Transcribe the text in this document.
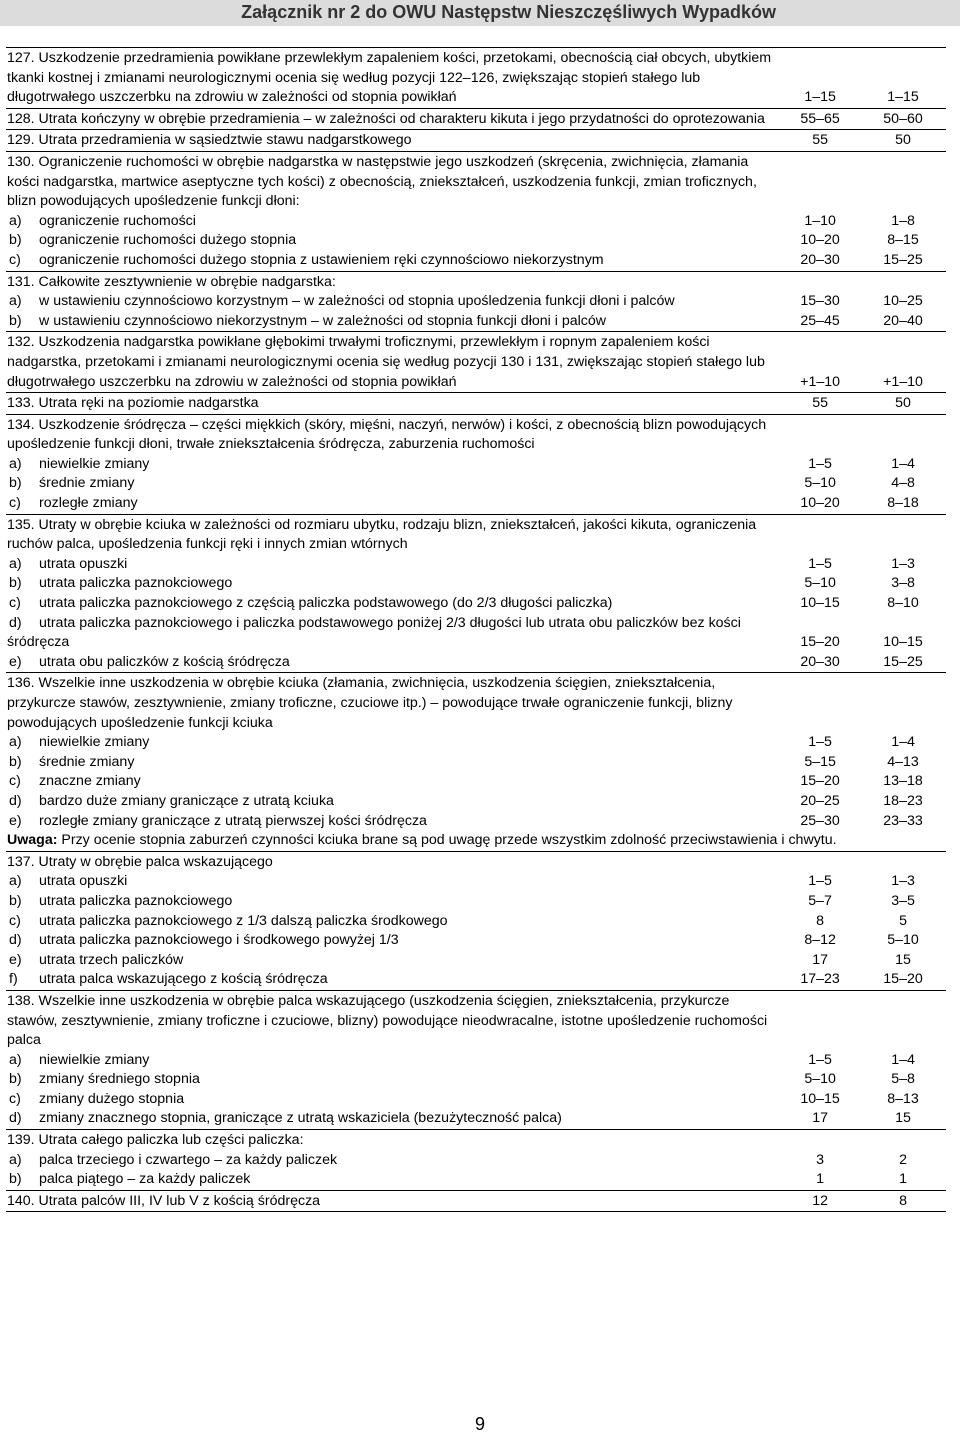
Załącznik nr 2 do OWU Następstw Nieszczęśliwych Wypadków
127. Uszkodzenie przedramienia powikłane przewlekłym zapaleniem kości, przetokami, obecnością ciał obcych, ubytkiem tkanki kostnej i zmianami neurologicznymi ocenia się według pozycji 122–126, zwiększając stopień stałego lub długotrwałego uszczerbku na zdrowiu w zależności od stopnia powikłań	1–15	1–15
128. Utrata kończyny w obrębie przedramienia – w zależności od charakteru kikuta i jego przydatności do oprotezowania	55–65	50–60
129. Utrata przedramienia w sąsiedztwie stawu nadgarstkowego	55	50
130. Ograniczenie ruchomości w obrębie nadgarstka w następstwie jego uszkodzeń (skręcenia, zwichnięcia, złamania kości nadgarstka, martwice aseptyczne tych kości) z obecnością, zniekształceń, uszkodzenia funkcji, zmian troficznych, blizn powodujących upośledzenie funkcji dłoni:		

a) ograniczenie ruchomości	1–10	1–8

b) ograniczenie ruchomości dużego stopnia	10–20	8–15

c) ograniczenie ruchomości dużego stopnia z ustawieniem ręki czynnościowo niekorzystnym	20–30	15–25
131. Całkowite zesztywnienie w obrębie nadgarstka:		

a) w ustawieniu czynnościowo korzystnym – w zależności od stopnia upośledzenia funkcji dłoni i palców	15–30	10–25

b) w ustawieniu czynnościowo niekorzystnym – w zależności od stopnia funkcji dłoni i palców	25–45	20–40
132. Uszkodzenia nadgarstka powikłane głębokimi trwałymi troficznymi, przewlekłym i ropnym zapaleniem kości nadgarstka, przetokami i zmianami neurologicznymi ocenia się według pozycji 130 i 131, zwiększając stopień stałego lub długotrwałego uszczerbku na zdrowiu w zależności od stopnia powikłań	+1–10	+1–10
133. Utrata ręki na poziomie nadgarstka	55	50
134. Uszkodzenie śródręcza – części miękkich (skóry, mięśni, naczyń, nerwów) i kości, z obecnością blizn powodujących upośledzenie funkcji dłoni, trwałe zniekształcenia śródręcza, zaburzenia ruchomości		

a) niewielkie zmiany	1–5	1–4

b) średnie zmiany	5–10	4–8

c) rozległe zmiany	10–20	8–18
135. Utraty w obrębie kciuka w zależności od rozmiaru ubytku, rodzaju blizn, zniekształceń, jakości kikuta, ograniczenia ruchów palca, upośledzenia funkcji ręki i innych zmian wtórnych		

a) utrata opuszki	1–5	1–3

b) utrata paliczka paznokciowego	5–10	3–8

c) utrata paliczka paznokciowego z częścią paliczka podstawowego (do 2/3 długości paliczka)	10–15	8–10

d) utrata paliczka paznokciowego i paliczka podstawowego poniżej 2/3 długości lub utrata obu paliczków bez kości śródręcza	15–20	10–15

e) utrata obu paliczków z kością śródręcza	20–30	15–25
136. Wszelkie inne uszkodzenia w obrębie kciuka (złamania, zwichnięcia, uszkodzenia ścięgien, zniekształcenia, przykurcze stawów, zesztywnienie, zmiany troficzne, czuciowe itp.) – powodujące trwałe ograniczenie funkcji, blizny powodujących upośledzenie funkcji kciuka		

a) niewielkie zmiany	1–5	1–4

b) średnie zmiany	5–15	4–13

c) znaczne zmiany	15–20	13–18

d) bardzo duże zmiany graniczące z utratą kciuka	20–25	18–23

e) rozległe zmiany graniczące z utratą pierwszej kości śródręcza	25–30	23–33
Uwaga: Przy ocenie stopnia zaburzeń czynności kciuka brane są pod uwagę przede wszystkim zdolność przeciwstawienia i chwytu.		
137. Utraty w obrębie palca wskazującego		

a) utrata opuszki	1–5	1–3

b) utrata paliczka paznokciowego	5–7	3–5

c) utrata paliczka paznokciowego z 1/3 dalszą paliczka środkowego	8	5

d) utrata paliczka paznokciowego i środkowego powyżej 1/3	8–12	5–10

e) utrata trzech paliczków	17	15

f) utrata palca wskazującego z kością śródręcza	17–23	15–20
138. Wszelkie inne uszkodzenia w obrębie palca wskazującego (uszkodzenia ścięgien, zniekształcenia, przykurcze stawów, zesztywnienie, zmiany troficzne i czuciowe, blizny) powodujące nieodwracalne, istotne upośledzenie ruchomości palca		

a) niewielkie zmiany	1–5	1–4

b) zmiany średniego stopnia	5–10	5–8

c) zmiany dużego stopnia	10–15	8–13

d) zmiany znacznego stopnia, graniczące z utratą wskaziciela (bezużyteczność palca)	17	15
139. Utrata całego paliczka lub części paliczka:		

a) palca trzeciego i czwartego – za każdy paliczek	3	2

b) palca piątego – za każdy paliczek	1	1
140. Utrata palców III, IV lub V z kością śródręcza	12	8
9
